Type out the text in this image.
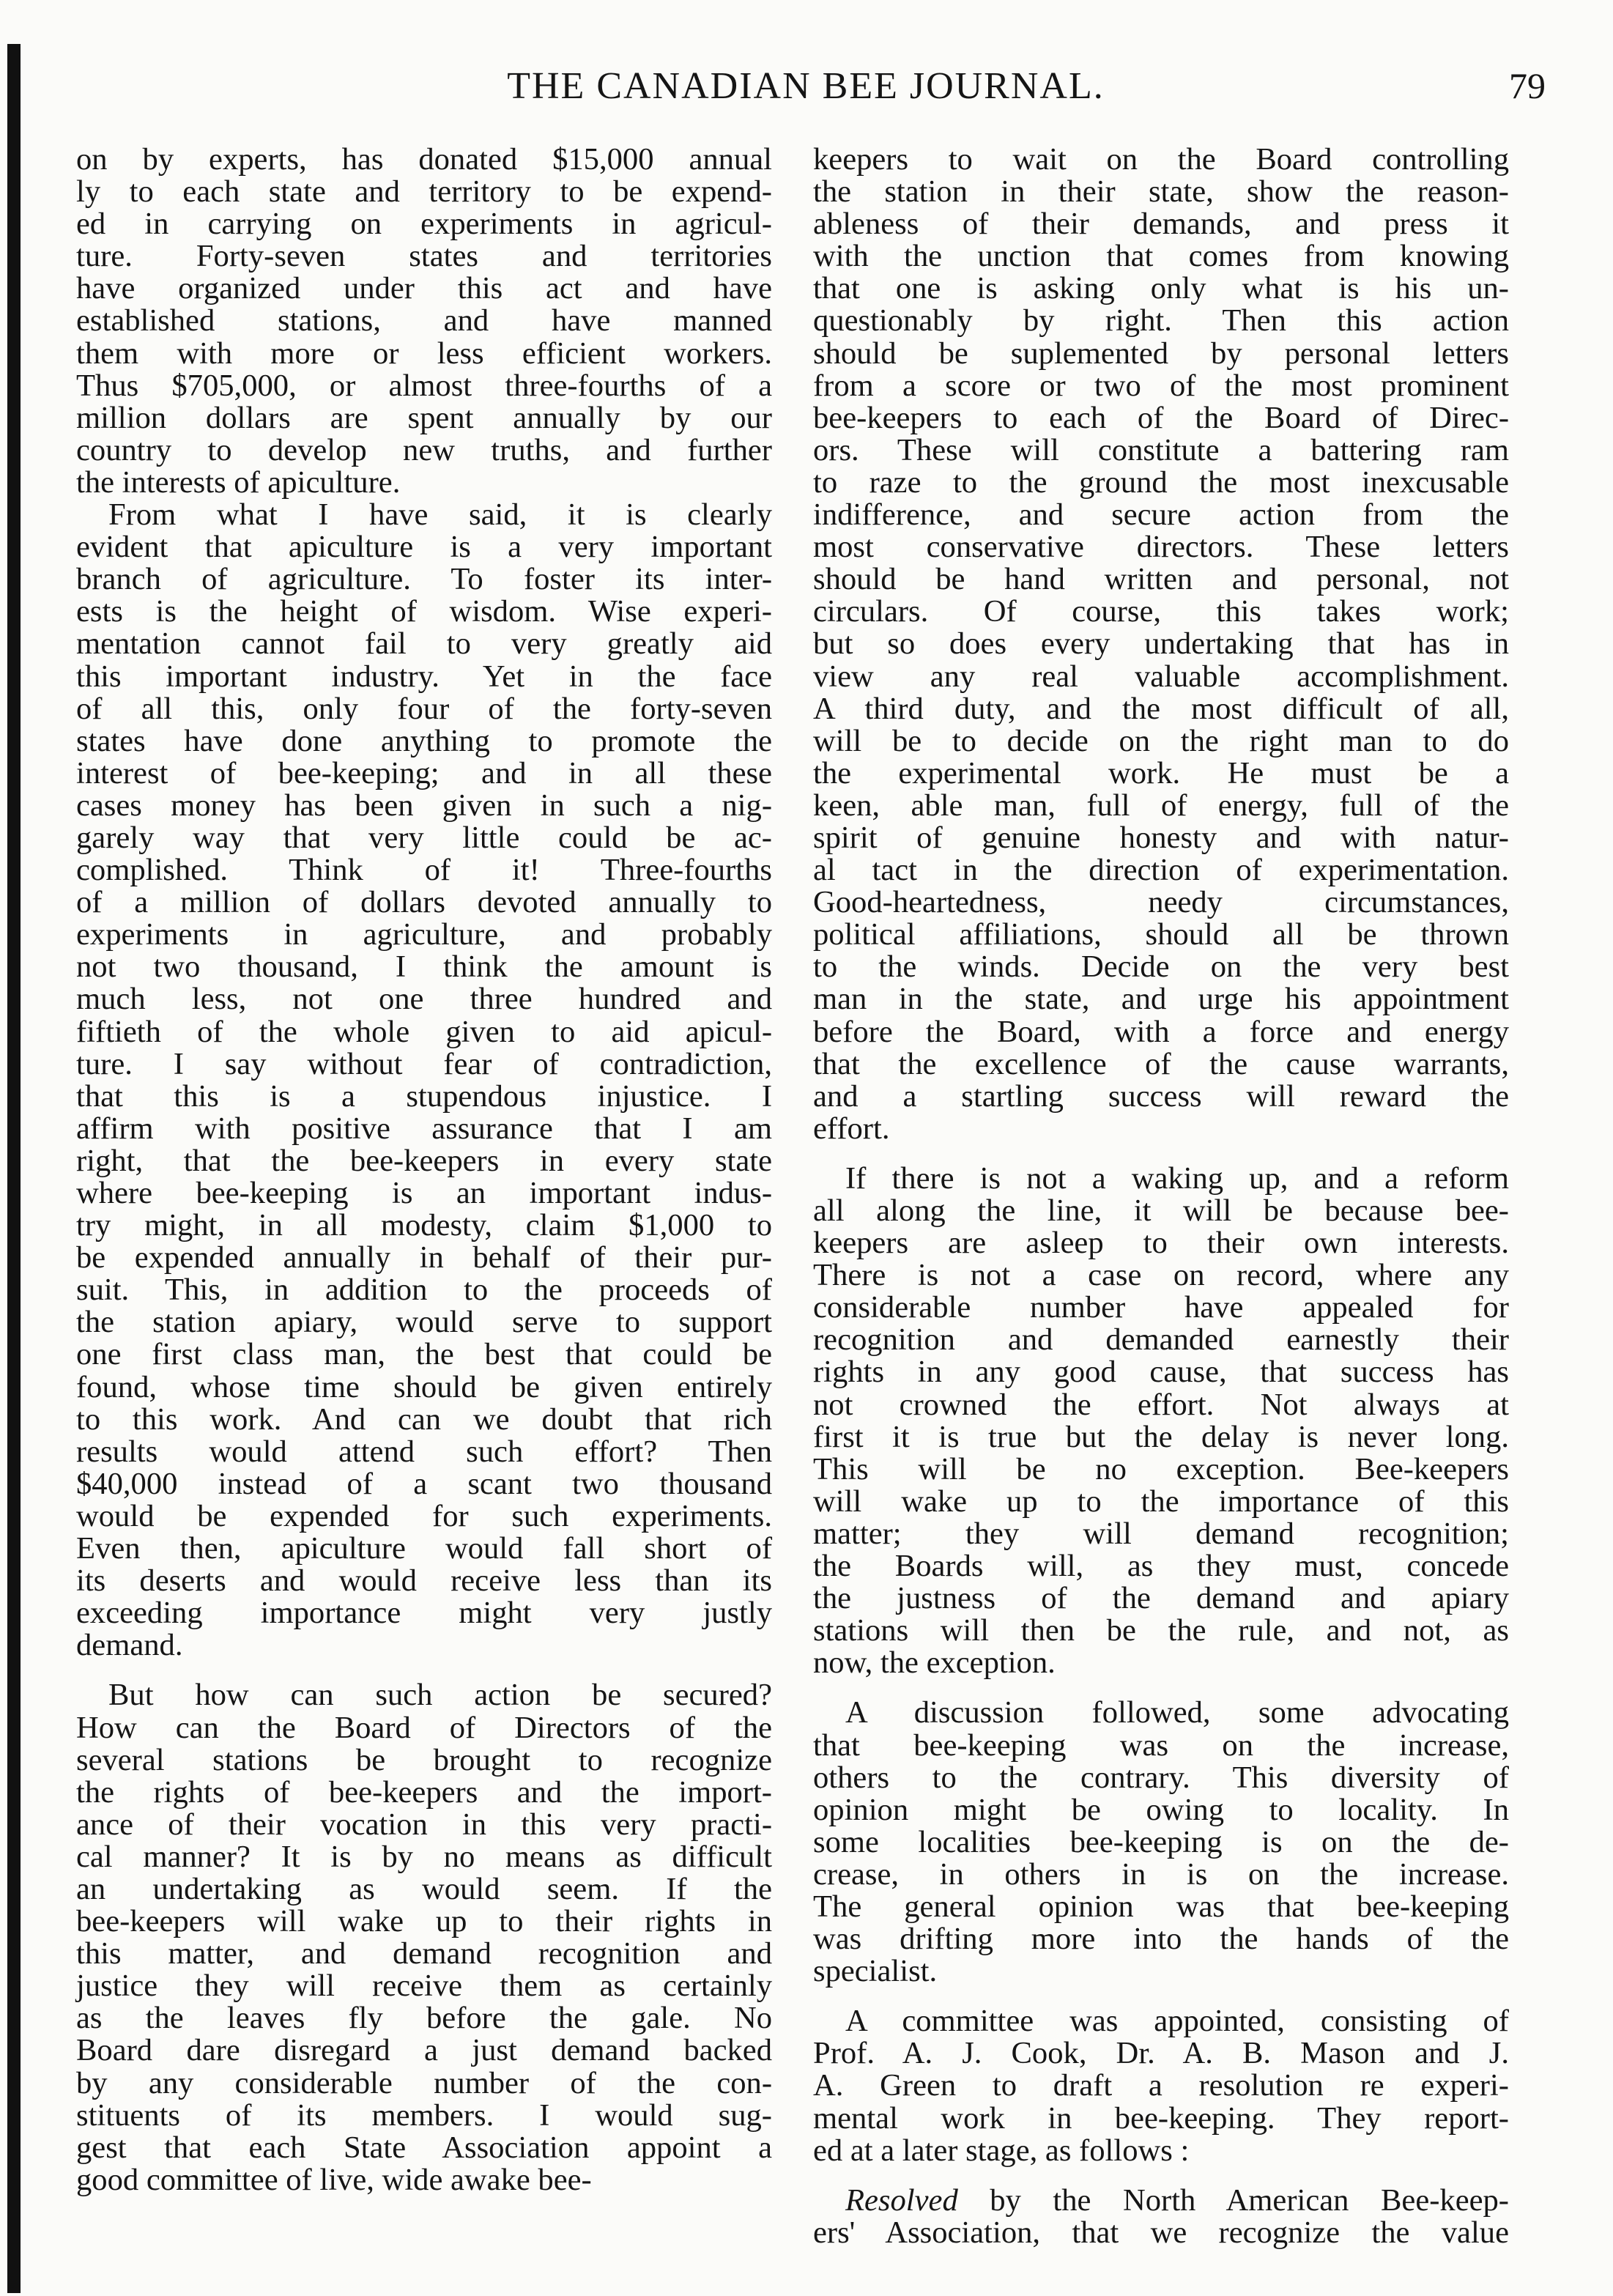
THE CANADIAN BEE JOURNAL.	79
on by experts, has donated $15,000 annual
ly to each state and territory to be expend-
ed in carrying on experiments in agricul-
ture. Forty-seven states and territories
have organized under this act and have
established stations, and have manned
them with more or less efficient workers.
Thus $705,000, or almost three-fourths of a
million dollars are spent annually by our
country to develop new truths, and further
the interests of apiculture.
From what I have said, it is clearly
evident that apiculture is a very important
branch of agriculture. To foster its inter-
ests is the height of wisdom. Wise experi-
mentation cannot fail to very greatly aid
this important industry. Yet in the face
of all this, only four of the forty-seven
states have done anything to promote the
interest of bee-keeping; and in all these
cases money has been given in such a nig-
garely way that very little could be ac-
complished. Think of it! Three-fourths
of a million of dollars devoted annually to
experiments in agriculture, and probably
not two thousand, I think the amount is
much less, not one three hundred and
fiftieth of the whole given to aid apicul-
ture. I say without fear of contradiction,
that this is a stupendous injustice. I
affirm with positive assurance that I am
right, that the bee-keepers in every state
where bee-keeping is an important indus-
try might, in all modesty, claim $1,000 to
be expended annually in behalf of their pur-
suit. This, in addition to the proceeds of
the station apiary, would serve to support
one first class man, the best that could be
found, whose time should be given entirely
to this work. And can we doubt that rich
results would attend such effort? Then
$40,000 instead of a scant two thousand
would be expended for such experiments.
Even then, apiculture would fall short of
its deserts and would receive less than its
exceeding importance might very justly
demand.
But how can such action be secured?
How can the Board of Directors of the
several stations be brought to recognize
the rights of bee-keepers and the import-
ance of their vocation in this very practi-
cal manner? It is by no means as difficult
an undertaking as would seem. If the
bee-keepers will wake up to their rights in
this matter, and demand recognition and
justice they will receive them as certainly
as the leaves fly before the gale. No
Board dare disregard a just demand backed
by any considerable number of the con-
stituents of its members. I would sug-
gest that each State Association appoint a
good committee of live, wide awake bee-
keepers to wait on the Board controlling
the station in their state, show the reason-
ableness of their demands, and press it
with the unction that comes from knowing
that one is asking only what is his un-
questionably by right. Then this action
should be suplemented by personal letters
from a score or two of the most prominent
bee-keepers to each of the Board of Direc-
ors. These will constitute a battering ram
to raze to the ground the most inexcusable
indifference, and secure action from the
most conservative directors. These letters
should be hand written and personal, not
circulars. Of course, this takes work;
but so does every undertaking that has in
view any real valuable accomplishment.
A third duty, and the most difficult of all,
will be to decide on the right man to do
the experimental work. He must be a
keen, able man, full of energy, full of the
spirit of genuine honesty and with natur-
al tact in the direction of experimentation.
Good-heartedness, needy circumstances,
political affiliations, should all be thrown
to the winds. Decide on the very best
man in the state, and urge his appointment
before the Board, with a force and energy
that the excellence of the cause warrants,
and a startling success will reward the
effort.
If there is not a waking up, and a reform
all along the line, it will be because bee-
keepers are asleep to their own interests.
There is not a case on record, where any
considerable number have appealed for
recognition and demanded earnestly their
rights in any good cause, that success has
not crowned the effort. Not always at
first it is true but the delay is never long.
This will be no exception. Bee-keepers
will wake up to the importance of this
matter; they will demand recognition;
the Boards will, as they must, concede
the justness of the demand and apiary
stations will then be the rule, and not, as
now, the exception.
A discussion followed, some advocating
that bee-keeping was on the increase,
others to the contrary. This diversity of
opinion might be owing to locality. In
some localities bee-keeping is on the de-
crease, in others in is on the increase.
The general opinion was that bee-keeping
was drifting more into the hands of the
specialist.
A committee was appointed, consisting of
Prof. A. J. Cook, Dr. A. B. Mason and J.
A. Green to draft a resolution re experi-
mental work in bee-keeping. They report-
ed at a later stage, as follows :
Resolved by the North American Bee-keep-
ers' Association, that we recognize the value
